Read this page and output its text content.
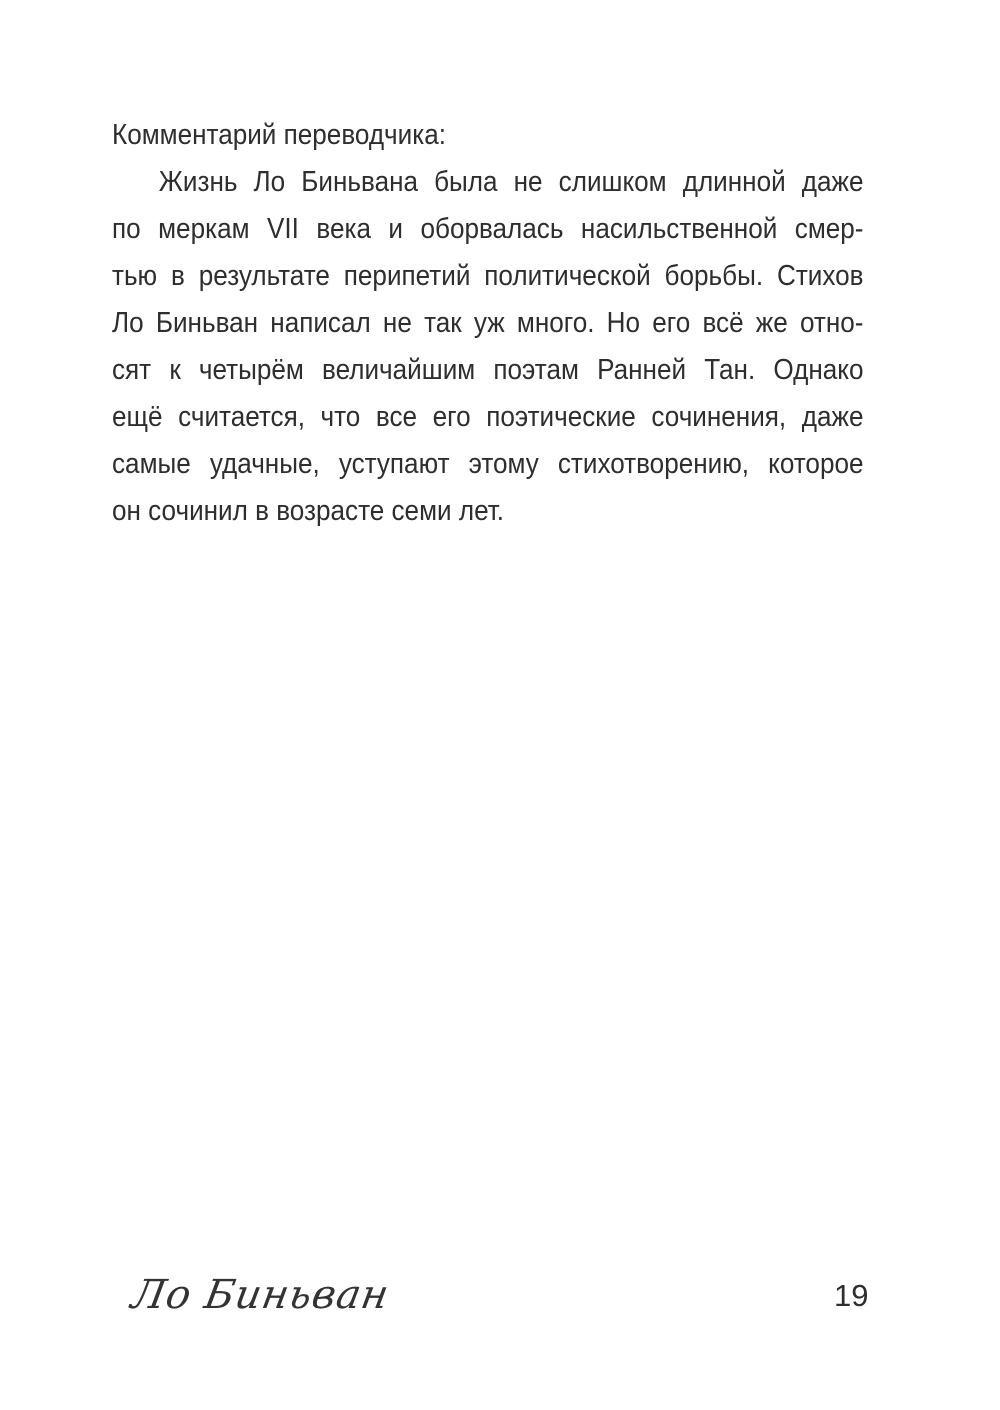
Комментарий переводчика:

Жизнь Ло Биньвана была не слишком длинной даже
по меркам VII века и оборвалась насильственной смер-
тью в результате перипетий политической борьбы. Стихов
Ло Биньван написал не так уж много. Но его всё же отно-
сят к четырём величайшим поэтам Ранней Тан. Однако
ещё считается, что все его поэтические сочинения, даже
самые удачные, уступают этому стихотворению, которое
он сочинил в возрасте семи лет.
Ло Биньван	19
